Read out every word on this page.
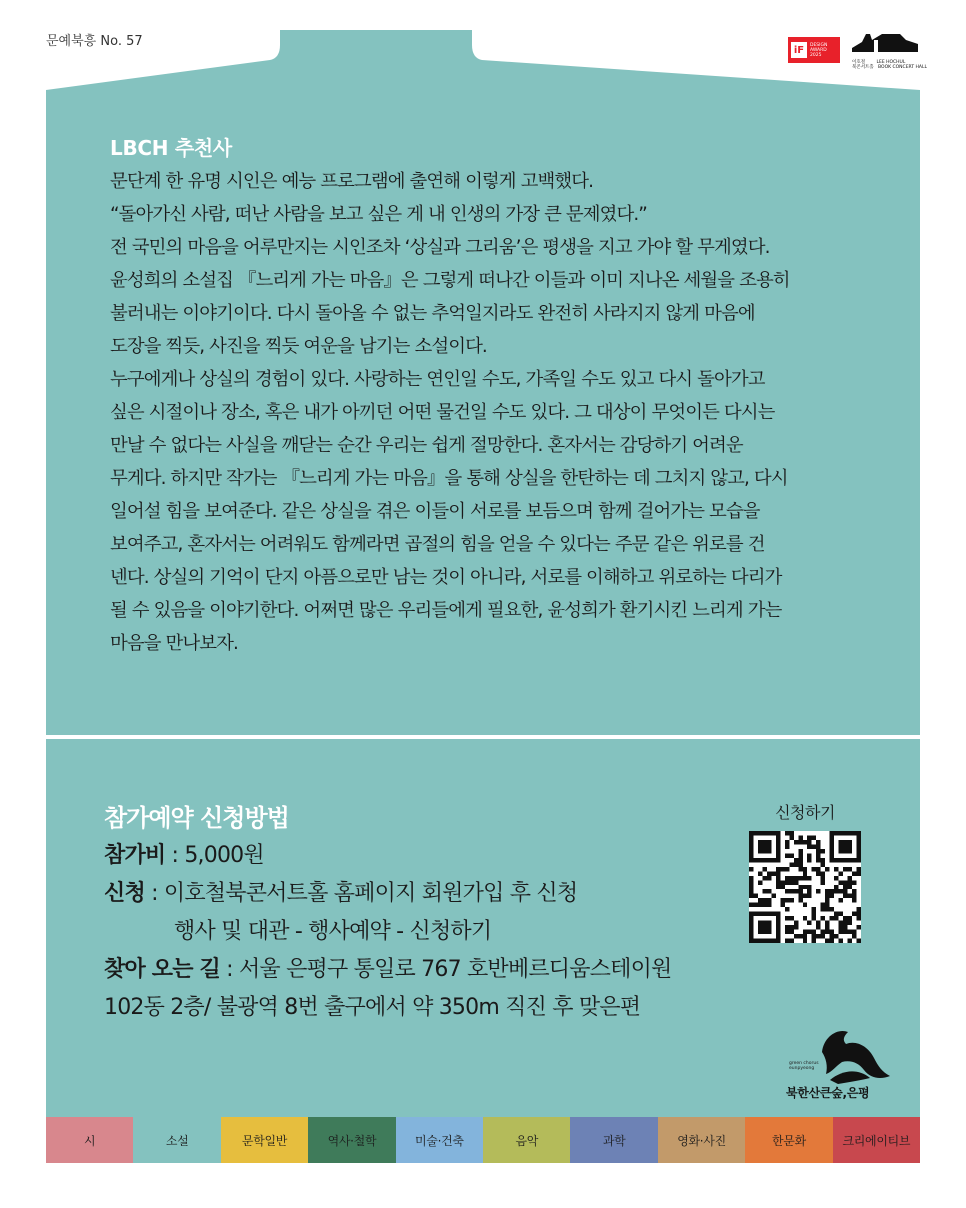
문예북흥 No. 57
iF	DESIGN
AWARD
2025
이호철        LEE HOCHUL
북콘서트홀   BOOK CONCERT HALL
LBCH 추천사

문단계 한 유명 시인은 예능 프로그램에 출연해 이렇게 고백했다.

“돌아가신 사람, 떠난 사람을 보고 싶은 게 내 인생의 가장 큰 문제였다.”

전 국민의 마음을 어루만지는 시인조차 ‘상실과 그리움’은 평생을 지고 가야 할 무게였다.

윤성희의 소설집 『느리게 가는 마음』은 그렇게 떠나간 이들과 이미 지나온 세월을 조용히

불러내는 이야기이다. 다시 돌아올 수 없는 추억일지라도 완전히 사라지지 않게 마음에

도장을 찍듯, 사진을 찍듯 여운을 남기는 소설이다.

누구에게나 상실의 경험이 있다. 사랑하는 연인일 수도, 가족일 수도 있고 다시 돌아가고

싶은 시절이나 장소, 혹은 내가 아끼던 어떤 물건일 수도 있다. 그 대상이 무엇이든 다시는

만날 수 없다는 사실을 깨닫는 순간 우리는 쉽게 절망한다. 혼자서는 감당하기 어려운

무게다. 하지만 작가는 『느리게 가는 마음』을 통해 상실을 한탄하는 데 그치지 않고, 다시

일어설 힘을 보여준다. 같은 상실을 겪은 이들이 서로를 보듬으며 함께 걸어가는 모습을

보여주고, 혼자서는 어려워도 함께라면 곱절의 힘을 얻을 수 있다는 주문 같은 위로를 건

넨다. 상실의 기억이 단지 아픔으로만 남는 것이 아니라, 서로를 이해하고 위로하는 다리가

될 수 있음을 이야기한다. 어쩌면 많은 우리들에게 필요한, 윤성희가 환기시킨 느리게 가는

마음을 만나보자.

참가예약 신청방법
참가비 : 5,000원
신청 : 이호철북콘서트홀 홈페이지 회원가입 후 신청
행사 및 대관 - 행사예약 - 신청하기
찾아 오는 길 : 서울 은평구 통일로 767 호반베르디움스테이원
102동 2층/ 불광역 8번 출구에서 약 350m 직진 후 맞은편
신청하기
green chorus
eunpyeong
북한산큰숲,은평
시	소설	문학일반	역사·철학	미술·건축	음악	과학	영화·사진	한문화	크리에이티브
